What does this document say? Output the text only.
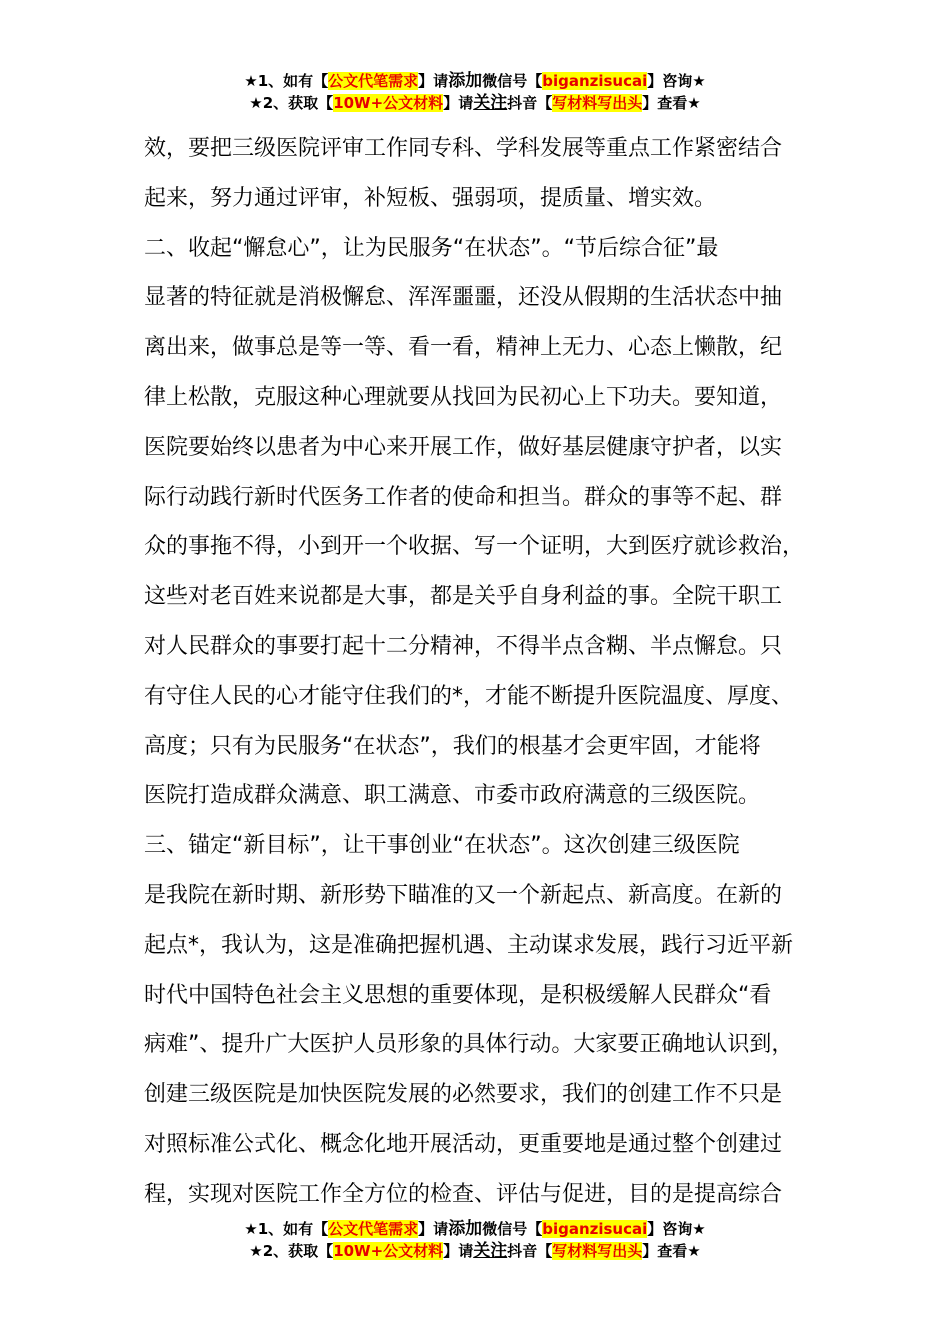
★1、如有【公文代笔需求】请添加微信号【biganzisucai】咨询★
★2、获取【10W+公文材料】请关注抖音【写材料写出头】查看★
效，要把三级医院评审工作同专科、学科发展等重点工作紧密结合
起来，努力通过评审，补短板、强弱项，提质量、增实效。
二、收起“懈怠心”，让为民服务“在状态”。“节后综合征”最
显著的特征就是消极懈怠、浑浑噩噩，还没从假期的生活状态中抽
离出来，做事总是等一等、看一看，精神上无力、心态上懒散，纪
律上松散，克服这种心理就要从找回为民初心上下功夫。要知道，
医院要始终以患者为中心来开展工作，做好基层健康守护者，以实
际行动践行新时代医务工作者的使命和担当。群众的事等不起、群
众的事拖不得，小到开一个收据、写一个证明，大到医疗就诊救治，
这些对老百姓来说都是大事，都是关乎自身利益的事。全院干职工
对人民群众的事要打起十二分精神，不得半点含糊、半点懈怠。只
有守住人民的心才能守住我们的*，才能不断提升医院温度、厚度、
高度；只有为民服务“在状态”，我们的根基才会更牢固，才能将
医院打造成群众满意、职工满意、市委市政府满意的三级医院。
三、锚定“新目标”，让干事创业“在状态”。这次创建三级医院
是我院在新时期、新形势下瞄准的又一个新起点、新高度。在新的
起点*，我认为，这是准确把握机遇、主动谋求发展，践行习近平新
时代中国特色社会主义思想的重要体现，是积极缓解人民群众“看
病难”、提升广大医护人员形象的具体行动。大家要正确地认识到，
创建三级医院是加快医院发展的必然要求，我们的创建工作不只是
对照标准公式化、概念化地开展活动，更重要地是通过整个创建过
程，实现对医院工作全方位的检查、评估与促进，目的是提高综合
★1、如有【公文代笔需求】请添加微信号【biganzisucai】咨询★
★2、获取【10W+公文材料】请关注抖音【写材料写出头】查看★
